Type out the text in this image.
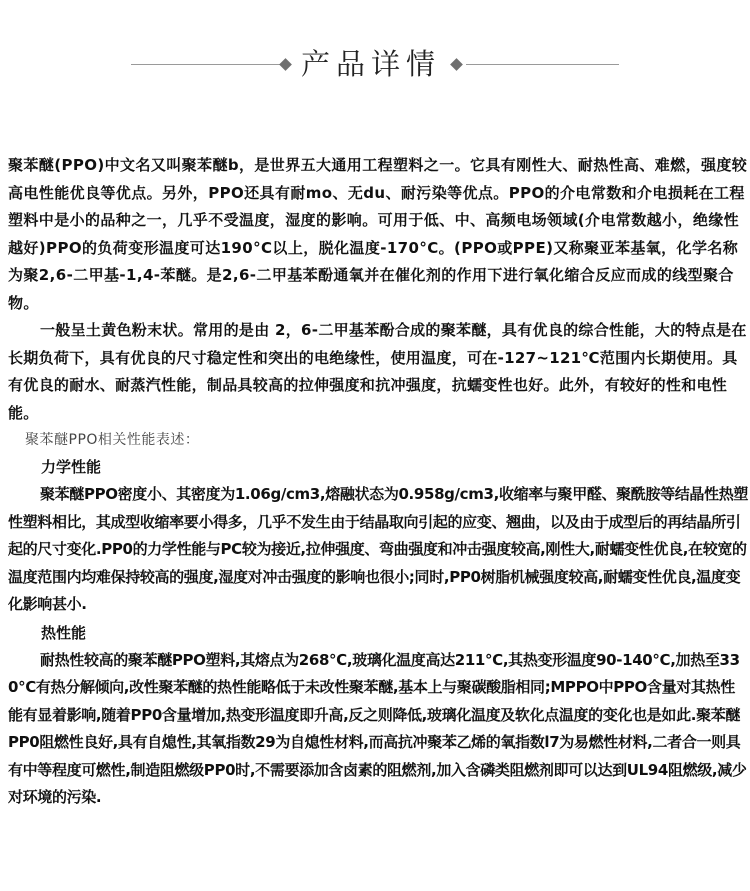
产品详情

聚苯醚(PPO)中文名又叫聚苯醚b，是世界五大通用工程塑料之一。它具有刚性大、耐热性高、难燃，强度较高电性能优良等优点。另外，PPO还具有耐mo、无du、耐污染等优点。PPO的介电常数和介电损耗在工程塑料中是小的品种之一，几乎不受温度，湿度的影响。可用于低、中、高频电场领域(介电常数越小，绝缘性越好)PPO的负荷变形温度可达190°C以上，脱化温度-170°C。(PPO或PPE)又称聚亚苯基氧，化学名称为聚2,6-二甲基-1,4-苯醚。是2,6-二甲基苯酚通氧并在催化剂的作用下进行氧化缩合反应而成的线型聚合物。

一般呈土黄色粉末状。常用的是由 2，6-二甲基苯酚合成的聚苯醚，具有优良的综合性能，大的特点是在长期负荷下，具有优良的尺寸稳定性和突出的电绝缘性，使用温度，可在-127~121℃范围内长期使用。具有优良的耐水、耐蒸汽性能，制品具较高的拉伸强度和抗冲强度，抗蠕变性也好。此外，有较好的性和电性能。

聚苯醚PPO相关性能表述：

力学性能

聚苯醚PPO密度小、其密度为1.06g/cm3,熔融状态为0.958g/cm3,收缩率与聚甲醛、聚酰胺等结晶性热塑性塑料相比，其成型收缩率要小得多，几乎不发生由于结晶取向引起的应变、翘曲，以及由于成型后的再结晶所引起的尺寸变化.PP0的力学性能与PC较为接近,拉伸强度、弯曲强度和冲击强度较高,刚性大,耐蠕变性优良,在较宽的温度范围内均难保持较高的强度,湿度对冲击强度的影响也很小;同时,PP0树脂机械强度较高,耐蠕变性优良,温度变化影响甚小.

热性能

耐热性较高的聚苯醚PPO塑料,其熔点为268℃,玻璃化温度高达211℃,其热变形温度90-140℃,加热至330℃有热分解倾向,改性聚苯醚的热性能略低于未改性聚苯醚,基本上与聚碳酸脂相同;MPPO中PPO含量对其热性能有显着影响,随着PP0含量增加,热变形温度即升高,反之则降低,玻璃化温度及软化点温度的变化也是如此.聚苯醚PP0阻燃性良好,具有自熄性,其氧指数29为自熄性材料,而高抗冲聚苯乙烯的氧指数l7为易燃性材料,二者合一则具有中等程度可燃性,制造阻燃级PP0时,不需要添加含卤素的阻燃剂,加入含磷类阻燃剂即可以达到UL94阻燃级,减少对环境的污染.
